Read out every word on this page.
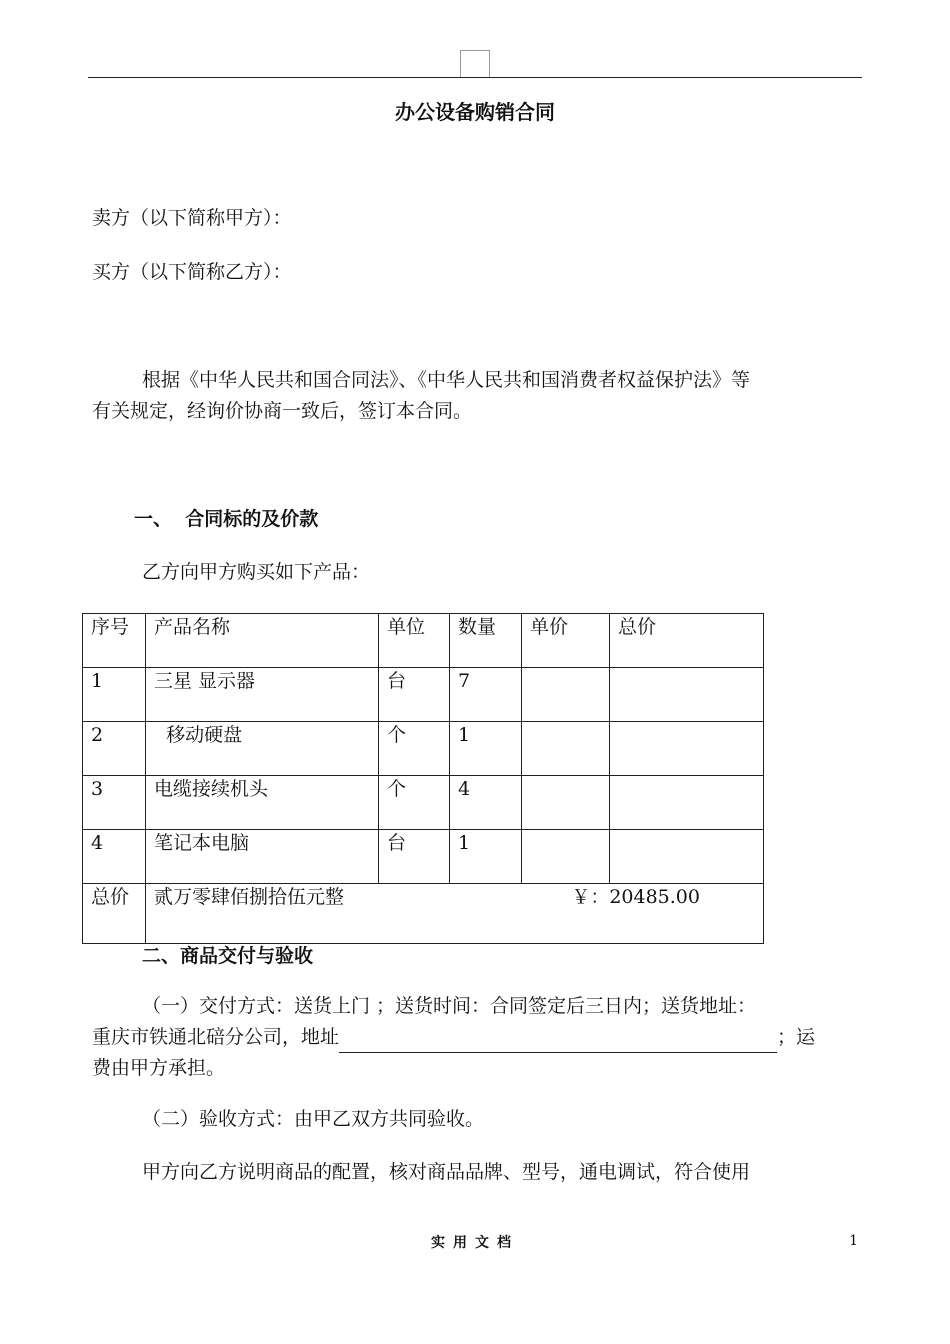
办公设备购销合同
卖方（以下简称甲方）：
买方（以下简称乙方）：
根据《中华人民共和国合同法》、《中华人民共和国消费者权益保护法》等
有关规定，经询价协商一致后，签订本合同。
一、  合同标的及价款
乙方向甲方购买如下产品：
序号	产品名称	单位	数量	单价	总价
1	三星 显示器	台	7		
2	移动硬盘	个	1		
3	电缆接续机头	个	4		
4	笔记本电脑	台	1		
总价	贰万零肆佰捌拾伍元整 ￥：20485.00				
二、商品交付与验收
（一）交付方式：送货上门 ；送货时间：合同签定后三日内；送货地址：
重庆市铁通北碚分公司，地址	；运
费由甲方承担。
（二）验收方式：由甲乙双方共同验收。
甲方向乙方说明商品的配置，核对商品品牌、型号，通电调试，符合使用
实用文档	1
